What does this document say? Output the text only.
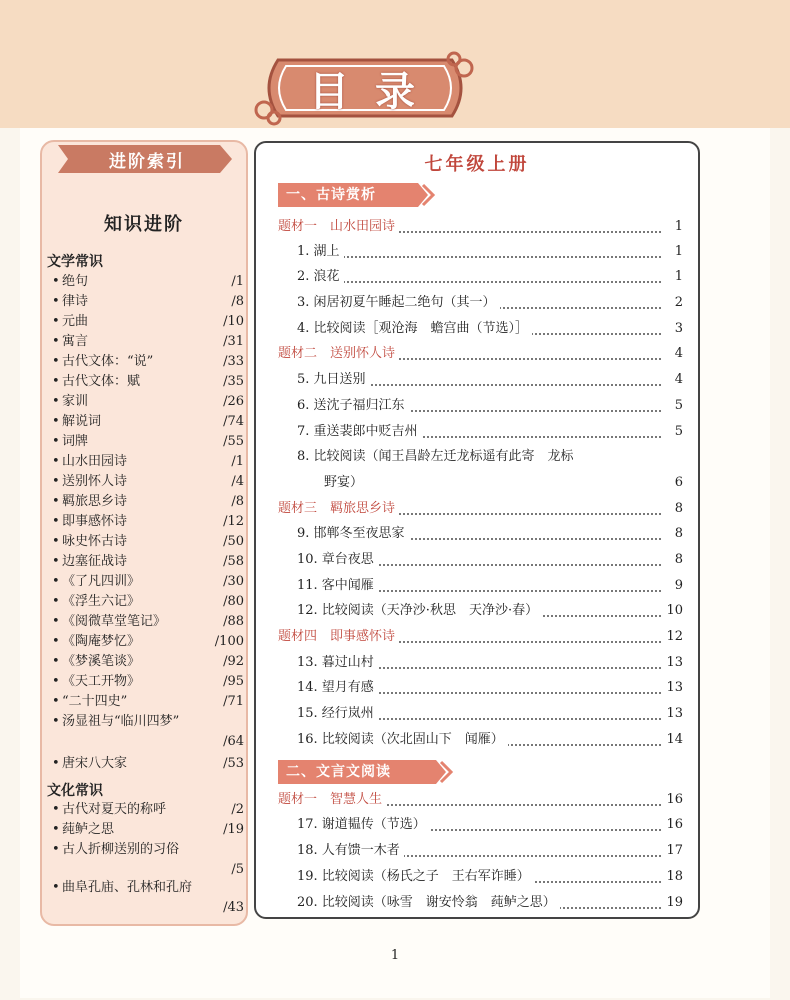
目录
进阶索引
知识进阶
文学常识
• 绝句	/1
• 律诗	/8
• 元曲	/10
• 寓言	/31
• 古代文体：“说”	/33
• 古代文体：赋	/35
• 家训	/26
• 解说词	/74
• 词牌	/55
• 山水田园诗	/1
• 送别怀人诗	/4
• 羁旅思乡诗	/8
• 即事感怀诗	/12
• 咏史怀古诗	/50
• 边塞征战诗	/58
• 《了凡四训》	/30
• 《浮生六记》	/80
• 《阅微草堂笔记》	/88
• 《陶庵梦忆》	/100
• 《梦溪笔谈》	/92
• 《天工开物》	/95
• “二十四史”	/71
• 汤显祖与“临川四梦”
/64
• 唐宋八大家	/53
文化常识
• 古代对夏天的称呼	/2
• 莼鲈之思	/19
• 古人折柳送别的习俗
/5
• 曲阜孔庙、孔林和孔府
/43
七年级上册
一、古诗赏析
题材一　山水田园诗	1
1. 湖上	1
2. 浪花	1
3. 闲居初夏午睡起二绝句（其一）	2
4. 比较阅读［观沧海　蟾宫曲（节选）］	3
题材二　送别怀人诗	4
5. 九日送别	4
6. 送沈子福归江东	5
7. 重送裴郎中贬吉州	5
8. 比较阅读（闻王昌龄左迁龙标遥有此寄　龙标
野宴）	6
题材三　羁旅思乡诗	8
9. 邯郸冬至夜思家	8
10. 章台夜思	8
11. 客中闻雁	9
12. 比较阅读（天净沙·秋思　天净沙·春）	10
题材四　即事感怀诗	12
13. 暮过山村	13
14. 望月有感	13
15. 经行岚州	13
16. 比较阅读（次北固山下　闻雁）	14
二、文言文阅读
题材一　智慧人生	16
17. 谢道韫传（节选）	16
18. 人有馈一木者	17
19. 比较阅读（杨氏之子　王右军诈睡）	18
20. 比较阅读（咏雪　谢安怜翁　莼鲈之思）	19
1
